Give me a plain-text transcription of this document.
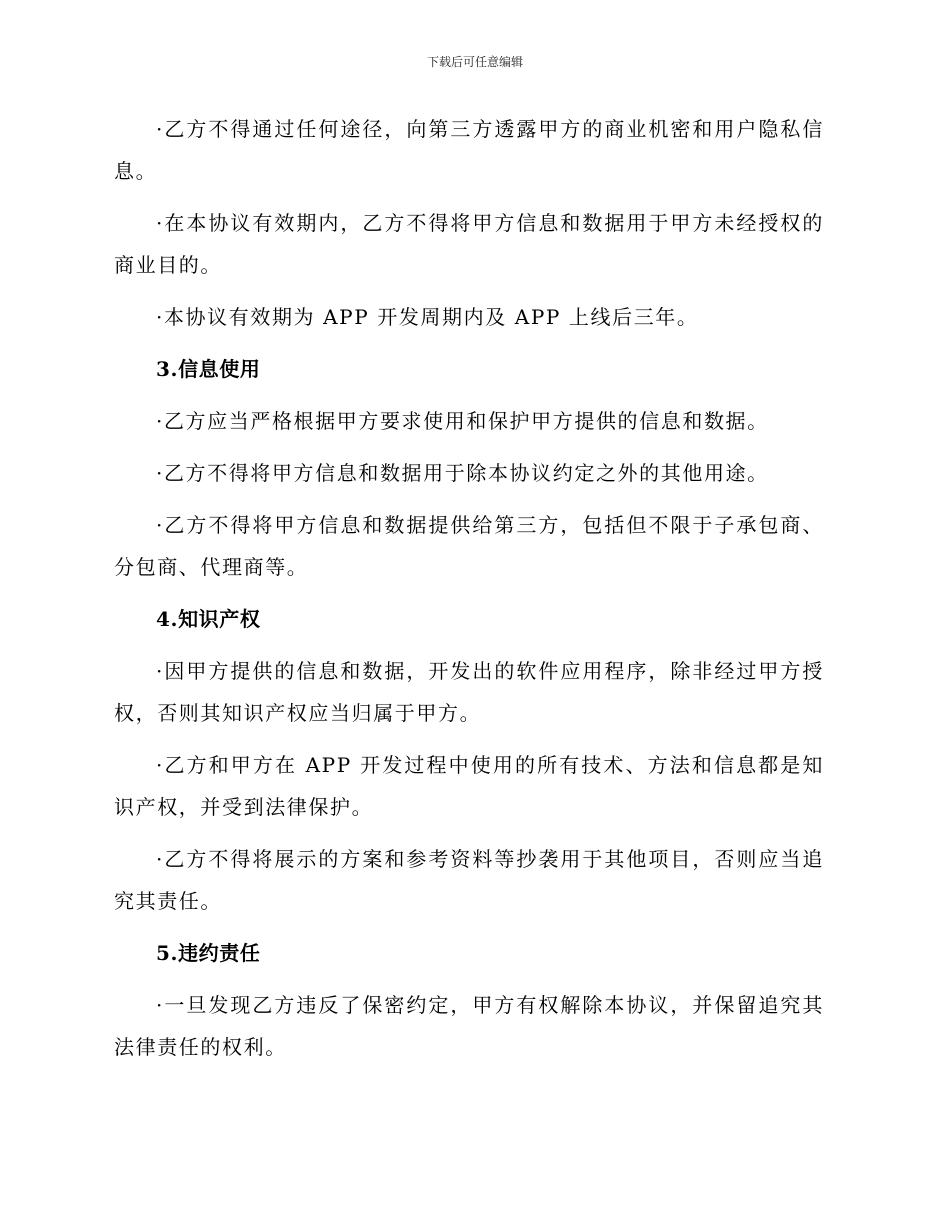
下载后可任意编辑

·乙方不得通过任何途径，向第三方透露甲方的商业机密和用户隐私信息。

·在本协议有效期内，乙方不得将甲方信息和数据用于甲方未经授权的商业目的。

·本协议有效期为 APP 开发周期内及 APP 上线后三年。

3.信息使用

·乙方应当严格根据甲方要求使用和保护甲方提供的信息和数据。

·乙方不得将甲方信息和数据用于除本协议约定之外的其他用途。

·乙方不得将甲方信息和数据提供给第三方，包括但不限于子承包商、分包商、代理商等。

4.知识产权

·因甲方提供的信息和数据，开发出的软件应用程序，除非经过甲方授权，否则其知识产权应当归属于甲方。

·乙方和甲方在 APP 开发过程中使用的所有技术、方法和信息都是知识产权，并受到法律保护。

·乙方不得将展示的方案和参考资料等抄袭用于其他项目，否则应当追究其责任。

5.违约责任

·一旦发现乙方违反了保密约定，甲方有权解除本协议，并保留追究其法律责任的权利。
